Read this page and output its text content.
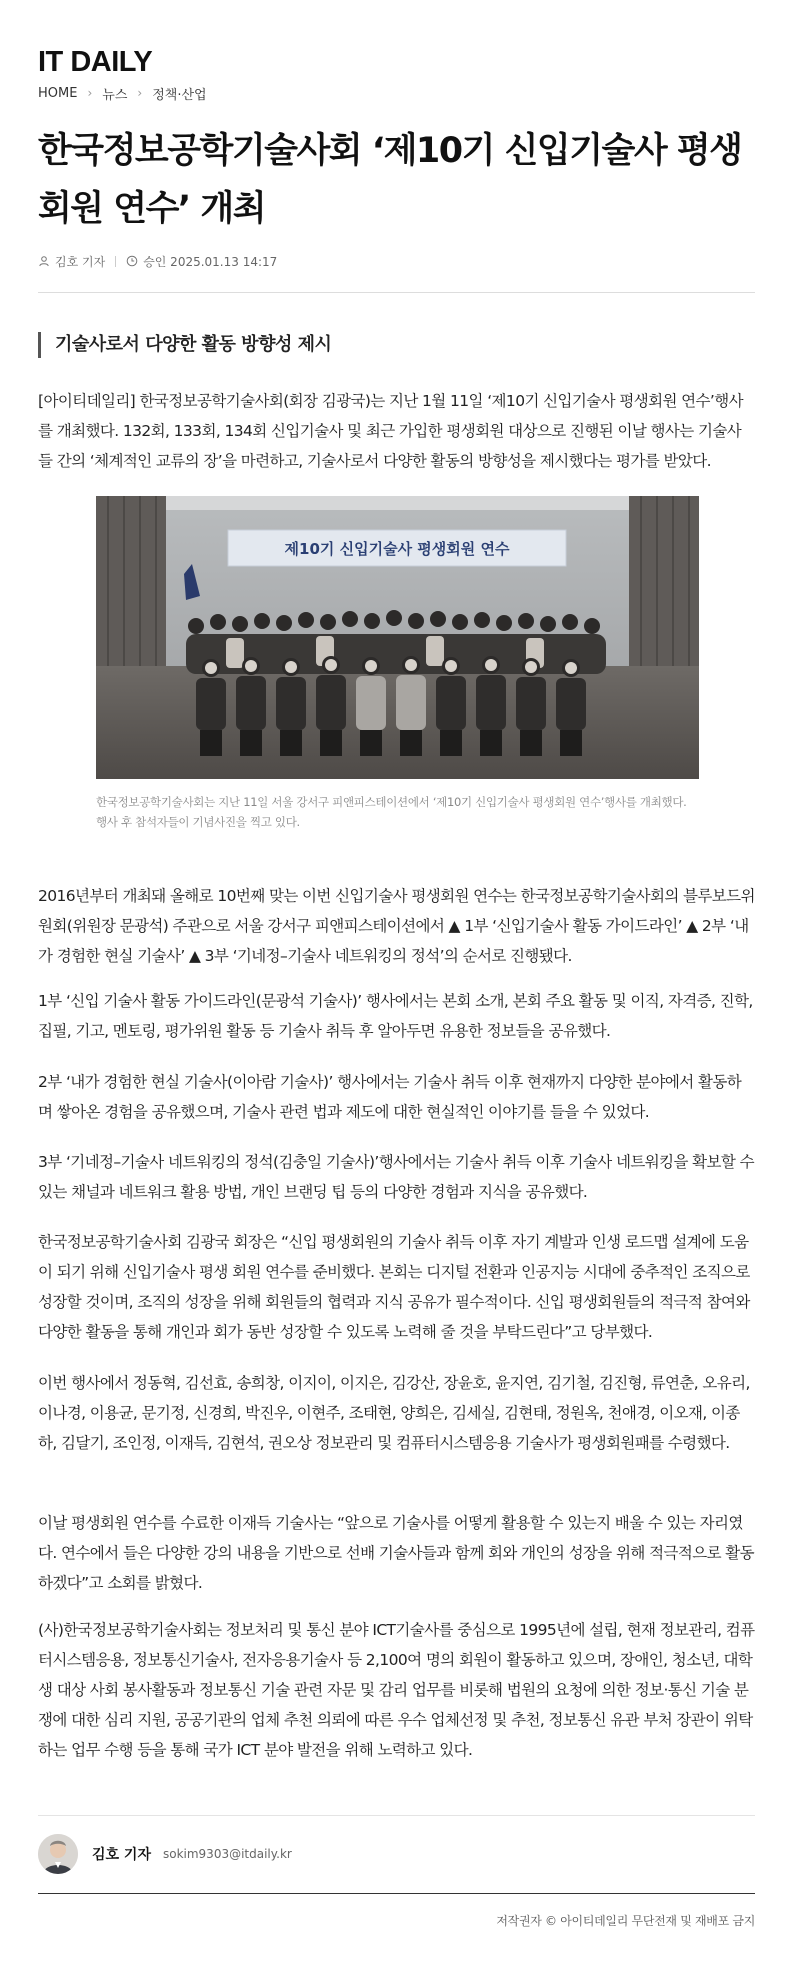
IT DAILY
HOME › 뉴스 › 정책·산업
한국정보공학기술사회 ‘제10기 신입기술사 평생회원 연수’ 개최
김호 기자	승인 2025.01.13 14:17
기술사로서 다양한 활동 방향성 제시

[아이티데일리] 한국정보공학기술사회(회장 김광국)는 지난 1월 11일 ‘제10기 신입기술사 평생회원 연수’행사를 개최했다. 132회, 133회, 134회 신입기술사 및 최근 가입한 평생회원 대상으로 진행된 이날 행사는 기술사들 간의 ‘체계적인 교류의 장’을 마련하고, 기술사로서 다양한 활동의 방향성을 제시했다는 평가를 받았다.

제10기 신입기술사 평생회원 연수

한국정보공학기술사회는 지난 11일 서울 강서구 피앤피스테이션에서 ‘제10기 신입기술사 평생회원 연수’행사를 개최했다. 행사 후 참석자들이 기념사진을 찍고 있다.

2016년부터 개최돼 올해로 10번째 맞는 이번 신입기술사 평생회원 연수는 한국정보공학기술사회의 블루보드위원회(위원장 문광석) 주관으로 서울 강서구 피앤피스테이션에서 ▲ 1부 ‘신입기술사 활동 가이드라인’ ▲ 2부 ‘내가 경험한 현실 기술사’ ▲ 3부 ‘기네정–기술사 네트워킹의 정석’의 순서로 진행됐다.

1부 ‘신입 기술사 활동 가이드라인(문광석 기술사)’ 행사에서는 본회 소개, 본회 주요 활동 및 이직, 자격증, 진학, 집필, 기고, 멘토링, 평가위원 활동 등 기술사 취득 후 알아두면 유용한 정보들을 공유했다.

2부 ‘내가 경험한 현실 기술사(이아람 기술사)’ 행사에서는 기술사 취득 이후 현재까지 다양한 분야에서 활동하며 쌓아온 경험을 공유했으며, 기술사 관련 법과 제도에 대한 현실적인 이야기를 들을 수 있었다.

3부 ‘기네정–기술사 네트워킹의 정석(김충일 기술사)’행사에서는 기술사 취득 이후 기술사 네트워킹을 확보할 수 있는 채널과 네트워크 활용 방법, 개인 브랜딩 팁 등의 다양한 경험과 지식을 공유했다.

한국정보공학기술사회 김광국 회장은 “신입 평생회원의 기술사 취득 이후 자기 계발과 인생 로드맵 설계에 도움이 되기 위해 신입기술사 평생 회원 연수를 준비했다. 본회는 디지털 전환과 인공지능 시대에 중추적인 조직으로 성장할 것이며, 조직의 성장을 위해 회원들의 협력과 지식 공유가 필수적이다. 신입 평생회원들의 적극적 참여와 다양한 활동을 통해 개인과 회가 동반 성장할 수 있도록 노력해 줄 것을 부탁드린다”고 당부했다.

이번 행사에서 정동혁, 김선효, 송희창, 이지이, 이지은, 김강산, 장윤호, 윤지연, 김기철, 김진형, 류연춘, 오유리, 이나경, 이용균, 문기정, 신경희, 박진우, 이현주, 조태현, 양희은, 김세실, 김현태, 정원옥, 천애경, 이오재, 이종하, 김달기, 조인정, 이재득, 김현석, 권오상 정보관리 및 컴퓨터시스템응용 기술사가 평생회원패를 수령했다.

이날 평생회원 연수를 수료한 이재득 기술사는 “앞으로 기술사를 어떻게 활용할 수 있는지 배울 수 있는 자리였다. 연수에서 들은 다양한 강의 내용을 기반으로 선배 기술사들과 함께 회와 개인의 성장을 위해 적극적으로 활동하겠다”고 소회를 밝혔다.

(사)한국정보공학기술사회는 정보처리 및 통신 분야 ICT기술사를 중심으로 1995년에 설립, 현재 정보관리, 컴퓨터시스템응용, 정보통신기술사, 전자응용기술사 등 2,100여 명의 회원이 활동하고 있으며, 장애인, 청소년, 대학생 대상 사회 봉사활동과 정보통신 기술 관련 자문 및 감리 업무를 비롯해 법원의 요청에 의한 정보·통신 기술 분쟁에 대한 심리 지원, 공공기관의 업체 추천 의뢰에 따른 우수 업체선정 및 추천, 정보통신 유관 부처 장관이 위탁하는 업무 수행 등을 통해 국가 ICT 분야 발전을 위해 노력하고 있다.

김호 기자 sokim9303@itdaily.kr
저작권자 © 아이티데일리 무단전재 및 재배포 금지
